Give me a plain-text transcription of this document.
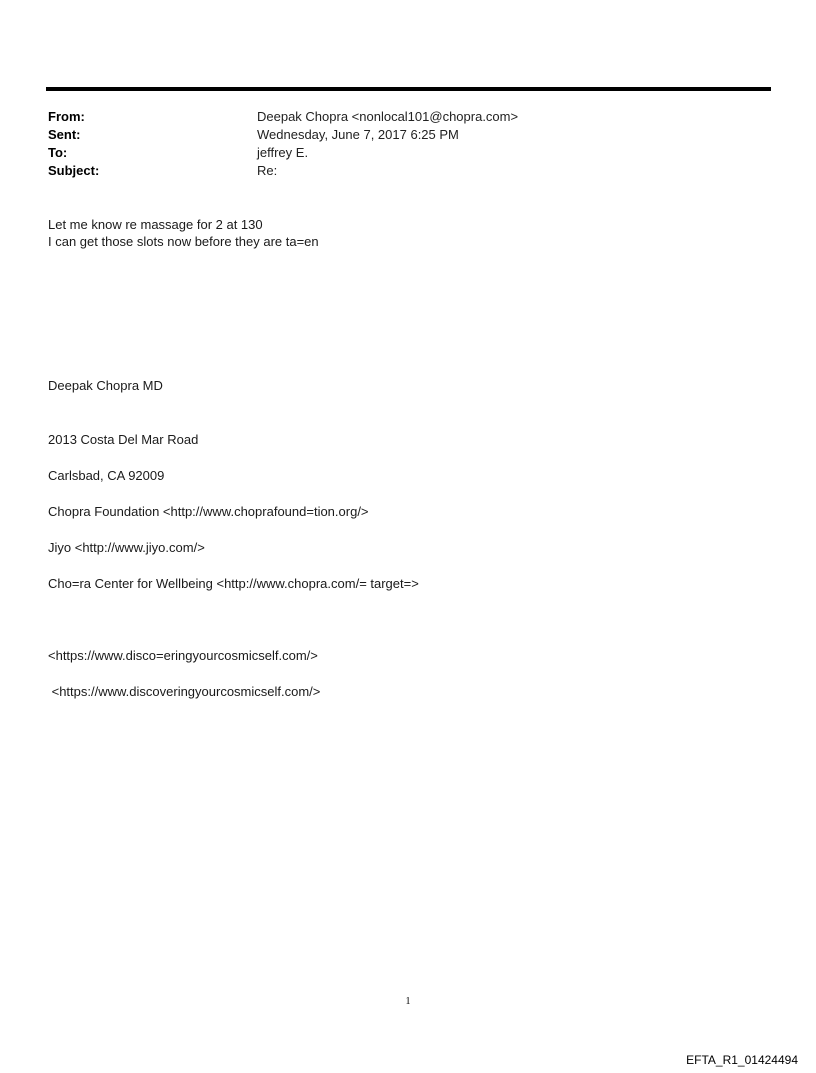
From:	Deepak Chopra <nonlocal101@chopra.com>
Sent:	Wednesday, June 7, 2017 6:25 PM
To:	jeffrey E.
Subject:	Re:
Let me know re massage for 2 at 130
I can get those slots now before they are ta=en
Deepak Chopra MD
2013 Costa Del Mar Road
Carlsbad, CA 92009
Chopra Foundation <http://www.choprafound=tion.org/>
Jiyo <http://www.jiyo.com/>
Cho=ra Center for Wellbeing <http://www.chopra.com/= target=>
<https://www.disco=eringyourcosmicself.com/>
<https://www.discoveringyourcosmicself.com/>
1
EFTA_R1_01424494
